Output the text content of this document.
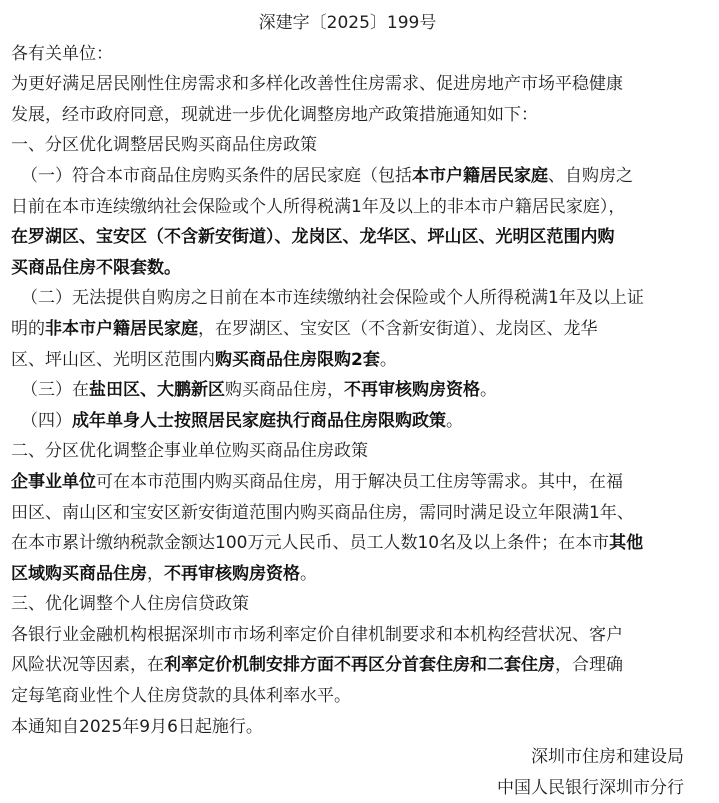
深建字〔2025〕199号
各有关单位：
为更好满足居民刚性住房需求和多样化改善性住房需求、促进房地产市场平稳健康
发展，经市政府同意，现就进一步优化调整房地产政策措施通知如下：
一、分区优化调整居民购买商品住房政策
（一）符合本市商品住房购买条件的居民家庭（包括本市户籍居民家庭、自购房之
日前在本市连续缴纳社会保险或个人所得税满1年及以上的非本市户籍居民家庭），
在罗湖区、宝安区（不含新安街道）、龙岗区、龙华区、坪山区、光明区范围内购
买商品住房不限套数。
（二）无法提供自购房之日前在本市连续缴纳社会保险或个人所得税满1年及以上证
明的非本市户籍居民家庭，在罗湖区、宝安区（不含新安街道）、龙岗区、龙华
区、坪山区、光明区范围内购买商品住房限购2套。
（三）在盐田区、大鹏新区购买商品住房，不再审核购房资格。
（四）成年单身人士按照居民家庭执行商品住房限购政策。
二、分区优化调整企事业单位购买商品住房政策
企事业单位可在本市范围内购买商品住房，用于解决员工住房等需求。其中，在福
田区、南山区和宝安区新安街道范围内购买商品住房，需同时满足设立年限满1年、
在本市累计缴纳税款金额达100万元人民币、员工人数10名及以上条件；在本市其他
区域购买商品住房，不再审核购房资格。
三、优化调整个人住房信贷政策
各银行业金融机构根据深圳市市场利率定价自律机制要求和本机构经营状况、客户
风险状况等因素，在利率定价机制安排方面不再区分首套住房和二套住房，合理确
定每笔商业性个人住房贷款的具体利率水平。
本通知自2025年9月6日起施行。
深圳市住房和建设局
中国人民银行深圳市分行
